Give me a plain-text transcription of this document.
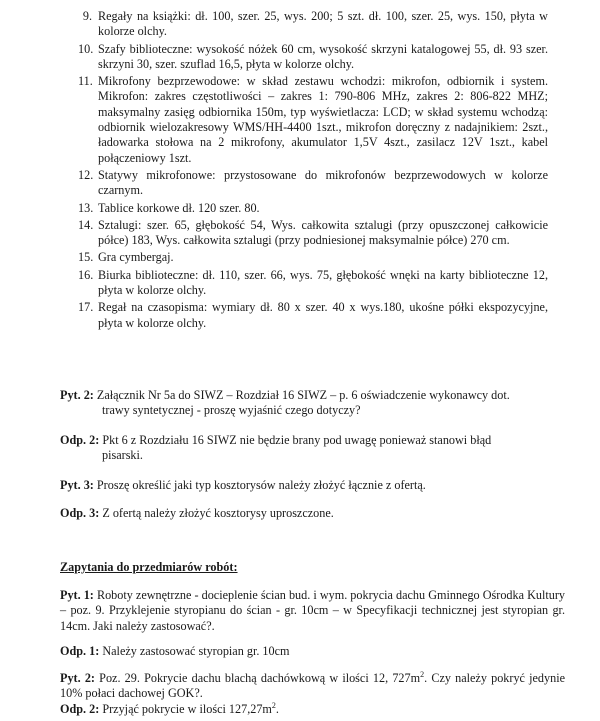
9. Regały na książki: dł. 100, szer. 25, wys. 200; 5 szt. dł. 100, szer. 25, wys. 150, płyta w kolorze olchy.
10. Szafy biblioteczne: wysokość nóżek 60 cm, wysokość skrzyni katalogowej 55, dł. 93 szer. skrzyni 30, szer. szuflad 16,5, płyta w kolorze olchy.
11. Mikrofony bezprzewodowe: w skład zestawu wchodzi: mikrofon, odbiornik i system. Mikrofon: zakres częstotliwości – zakres 1: 790-806 MHz, zakres 2: 806-822 MHZ; maksymalny zasięg odbiornika 150m, typ wyświetlacza: LCD; w skład systemu wchodzą: odbiornik wielozakresowy WMS/HH-4400 1szt., mikrofon doręczny z nadajnikiem: 2szt., ładowarka stołowa na 2 mikrofony, akumulator 1,5V 4szt., zasilacz 12V 1szt., kabel połączeniowy 1szt.
12. Statywy mikrofonowe: przystosowane do mikrofonów bezprzewodowych w kolorze czarnym.
13. Tablice korkowe dł. 120 szer. 80.
14. Sztalugi: szer. 65, głębokość 54, Wys. całkowita sztalugi (przy opuszczonej całkowicie półce) 183, Wys. całkowita sztalugi (przy podniesionej maksymalnie półce) 270 cm.
15. Gra cymbergaj.
16. Biurka biblioteczne: dł. 110, szer. 66, wys. 75, głębokość wnęki na karty biblioteczne 12, płyta w kolorze olchy.
17. Regał na czasopisma: wymiary dł. 80 x szer. 40 x wys.180, ukośne półki ekspozycyjne, płyta w kolorze olchy.
Pyt. 2: Załącznik Nr 5a do SIWZ – Rozdział 16 SIWZ – p. 6 oświadczenie wykonawcy dot.
trawy syntetycznej - proszę wyjaśnić czego dotyczy?
Odp. 2: Pkt 6 z Rozdziału 16 SIWZ nie będzie brany pod uwagę ponieważ stanowi błąd
pisarski.
Pyt. 3: Proszę określić jaki typ kosztorysów należy złożyć łącznie z ofertą.
Odp. 3: Z ofertą należy złożyć kosztorysy uproszczone.
Zapytania do przedmiarów robót:
Pyt. 1: Roboty zewnętrzne - docieplenie ścian bud. i wym. pokrycia dachu Gminnego Ośrodka Kultury – poz. 9. Przyklejenie styropianu do ścian - gr. 10cm – w Specyfikacji technicznej jest styropian gr. 14cm. Jaki należy zastosować?.
Odp. 1: Należy zastosować styropian gr. 10cm
Pyt. 2: Poz. 29. Pokrycie dachu blachą dachówkową w ilości 12, $727m^2$. Czy należy pokryć jedynie 10% połaci dachowej GOK?.
Odp. 2: Przyjąć pokrycie w ilości $127,27m^2$.
